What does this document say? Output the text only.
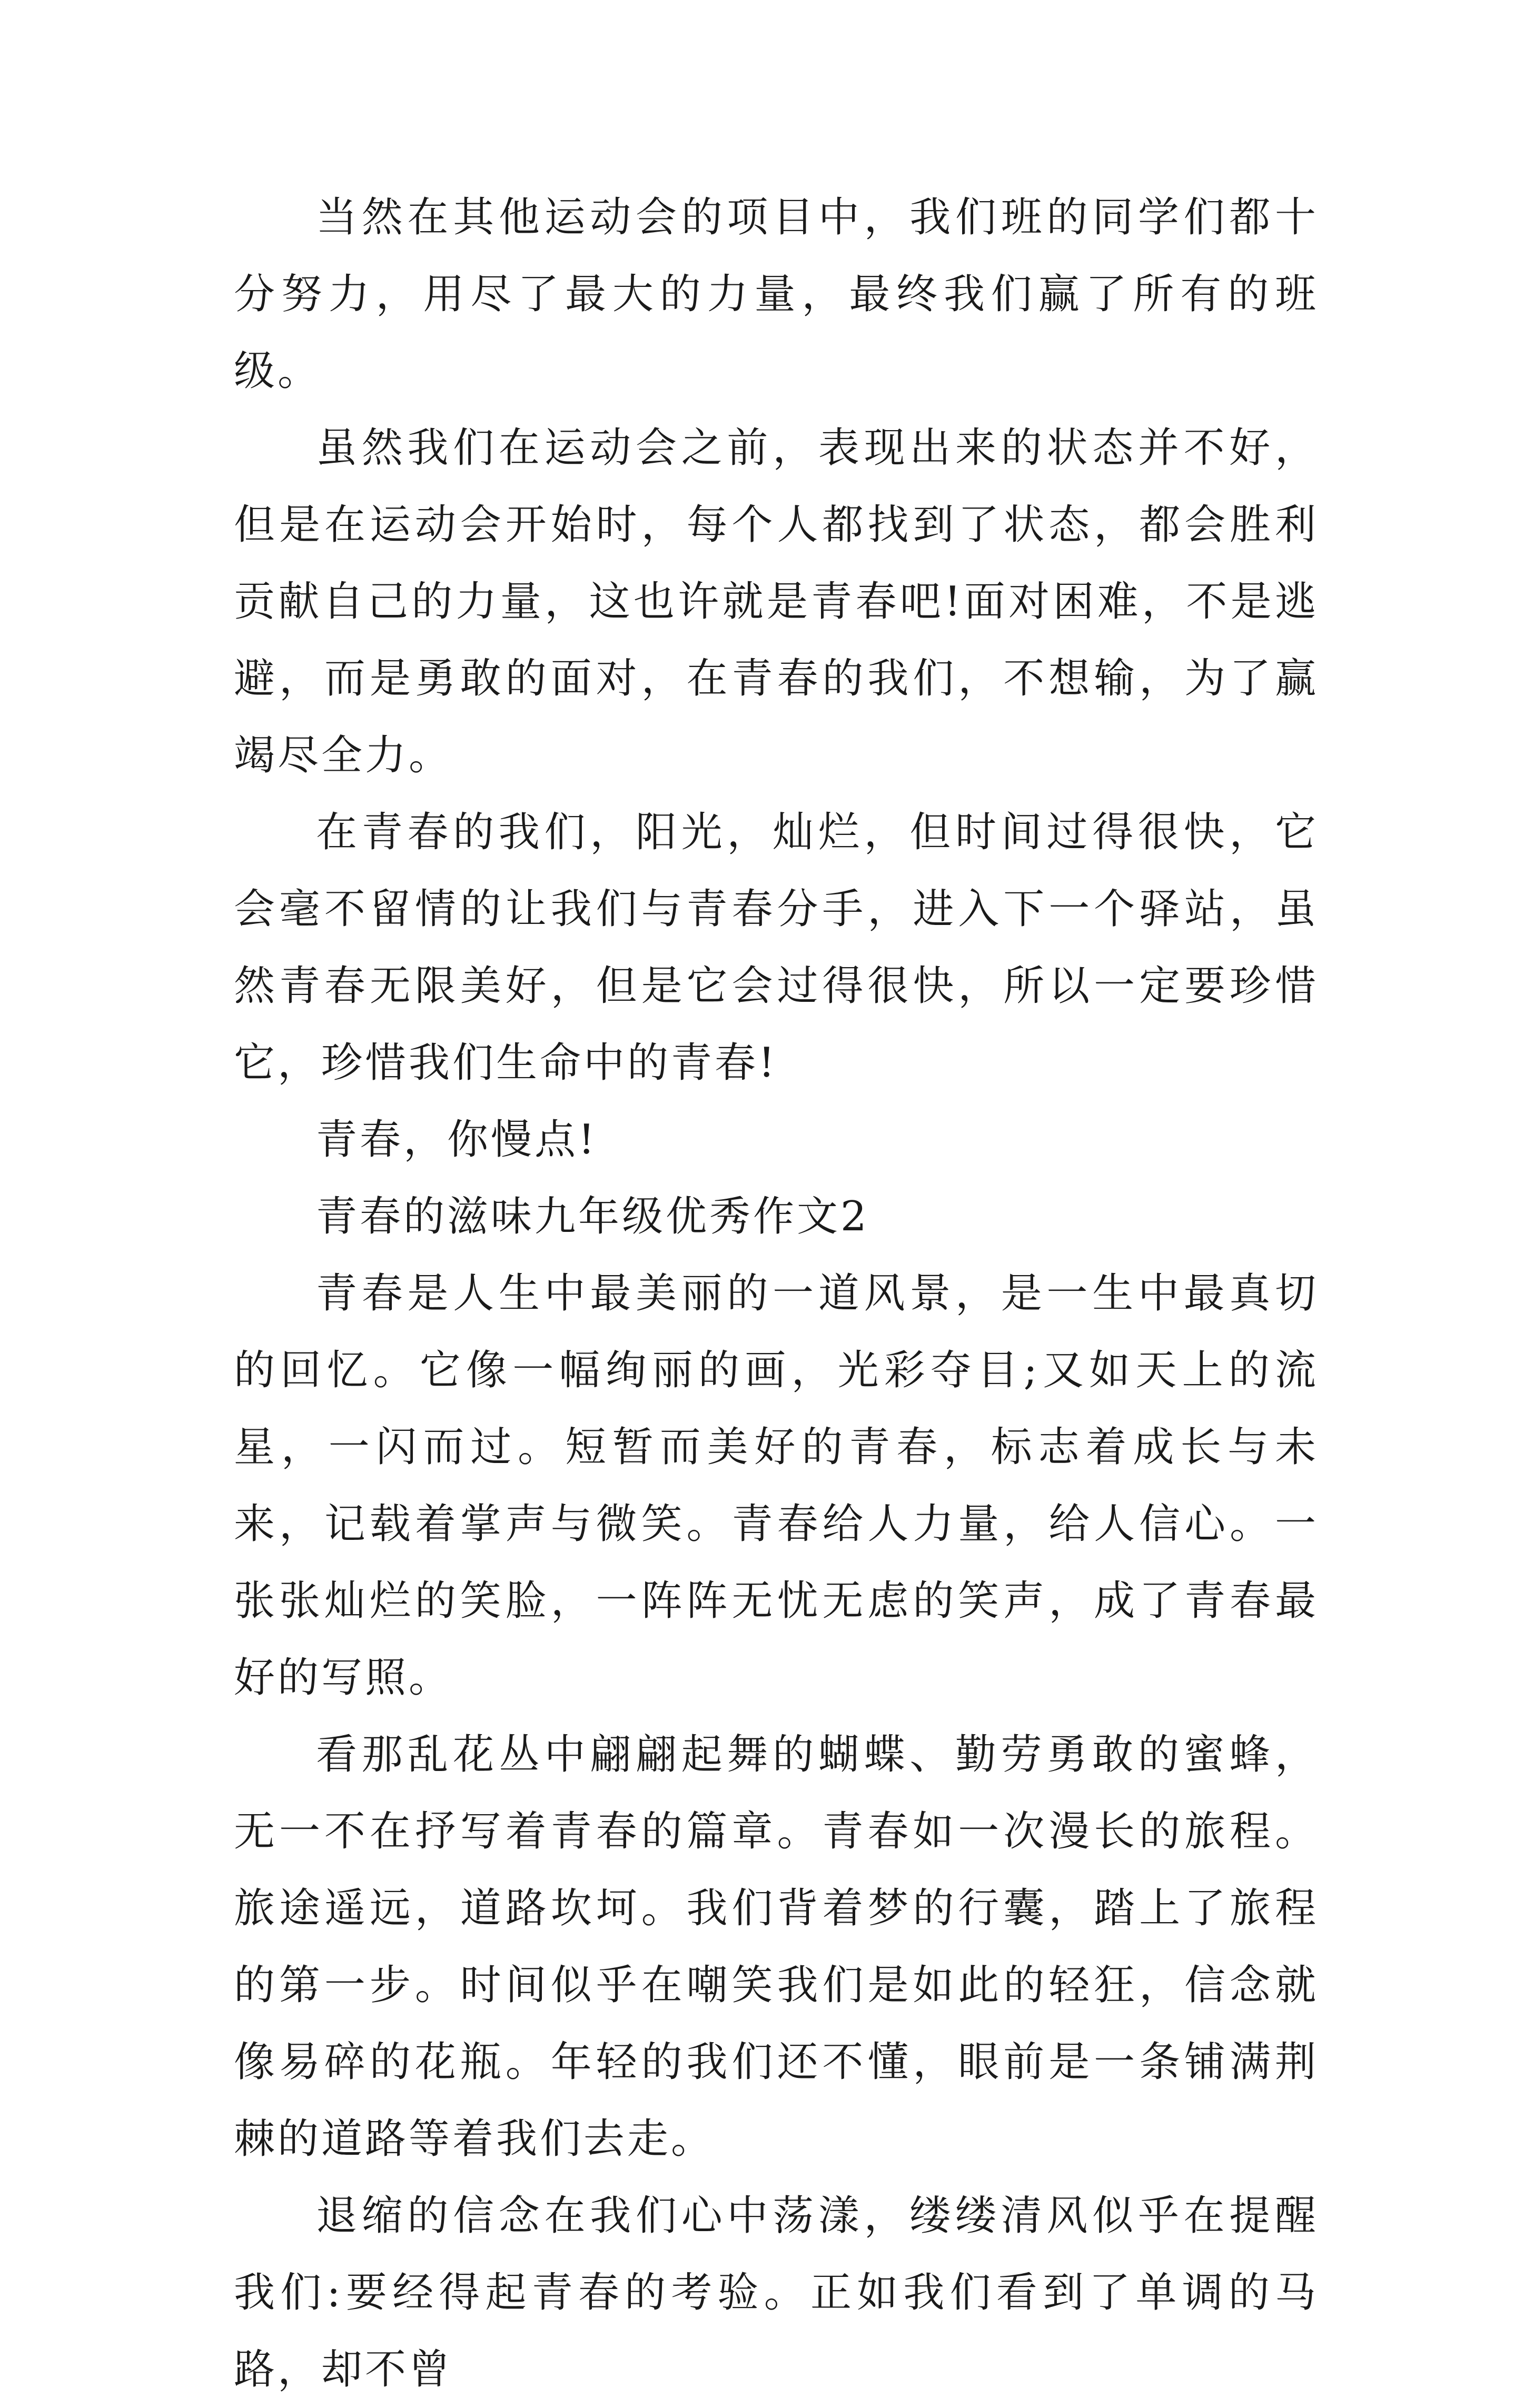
当然在其他运动会的项目中，我们班的同学们都十分努力，用尽了最大的力量，最终我们赢了所有的班级。

虽然我们在运动会之前，表现出来的状态并不好，但是在运动会开始时，每个人都找到了状态，都会胜利贡献自己的力量，这也许就是青春吧!面对困难，不是逃避，而是勇敢的面对，在青春的我们，不想输，为了赢竭尽全力。

在青春的我们，阳光，灿烂，但时间过得很快，它会毫不留情的让我们与青春分手，进入下一个驿站，虽然青春无限美好，但是它会过得很快，所以一定要珍惜它，珍惜我们生命中的青春!

青春，你慢点!

青春的滋味九年级优秀作文2

青春是人生中最美丽的一道风景，是一生中最真切的回忆。它像一幅绚丽的画，光彩夺目;又如天上的流星，一闪而过。短暂而美好的青春，标志着成长与未来，记载着掌声与微笑。青春给人力量，给人信心。一张张灿烂的笑脸，一阵阵无忧无虑的笑声，成了青春最好的写照。

看那乱花丛中翩翩起舞的蝴蝶、勤劳勇敢的蜜蜂，无一不在抒写着青春的篇章。青春如一次漫长的旅程。旅途遥远，道路坎坷。我们背着梦的行囊，踏上了旅程的第一步。时间似乎在嘲笑我们是如此的轻狂，信念就像易碎的花瓶。年轻的我们还不懂，眼前是一条铺满荆棘的道路等着我们去走。

退缩的信念在我们心中荡漾，缕缕清风似乎在提醒我们:要经得起青春的考验。正如我们看到了单调的马路，却不曾
